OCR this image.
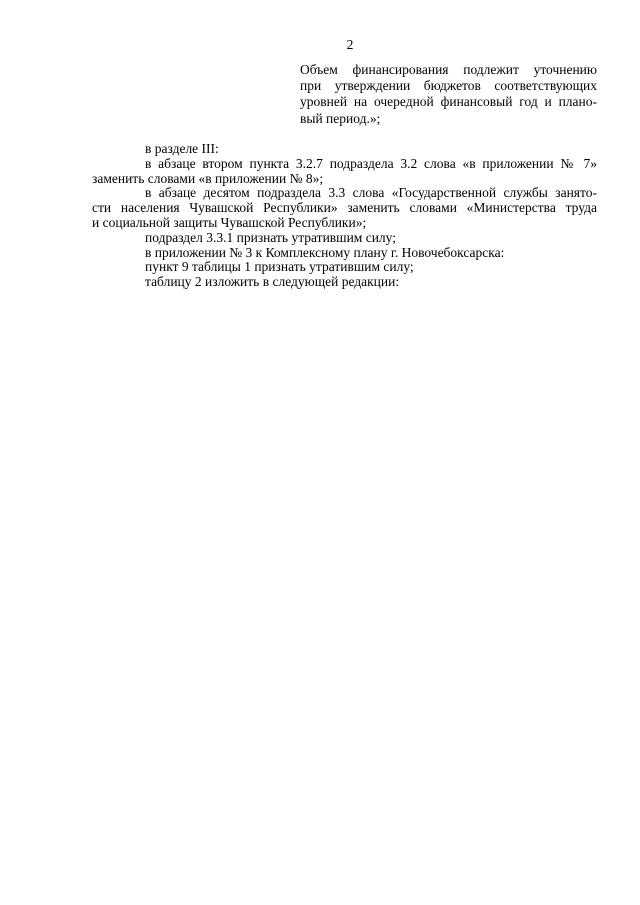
2
Объем финансирования подлежит уточнению
при утверждении бюджетов соответствующих
уровней на очередной финансовый год и плано-
вый период.»;
в разделе III:
в абзаце втором пункта 3.2.7 подраздела 3.2 слова «в приложении № 7»
заменить словами «в приложении № 8»;
в абзаце десятом подраздела 3.3 слова «Государственной службы занято-
сти населения Чувашской Республики» заменить словами «Министерства труда
и социальной защиты Чувашской Республики»;
подраздел 3.3.1 признать утратившим силу;
в приложении № 3 к Комплексному плану г. Новочебоксарска:
пункт 9 таблицы 1 признать утратившим силу;
таблицу 2 изложить в следующей редакции:
